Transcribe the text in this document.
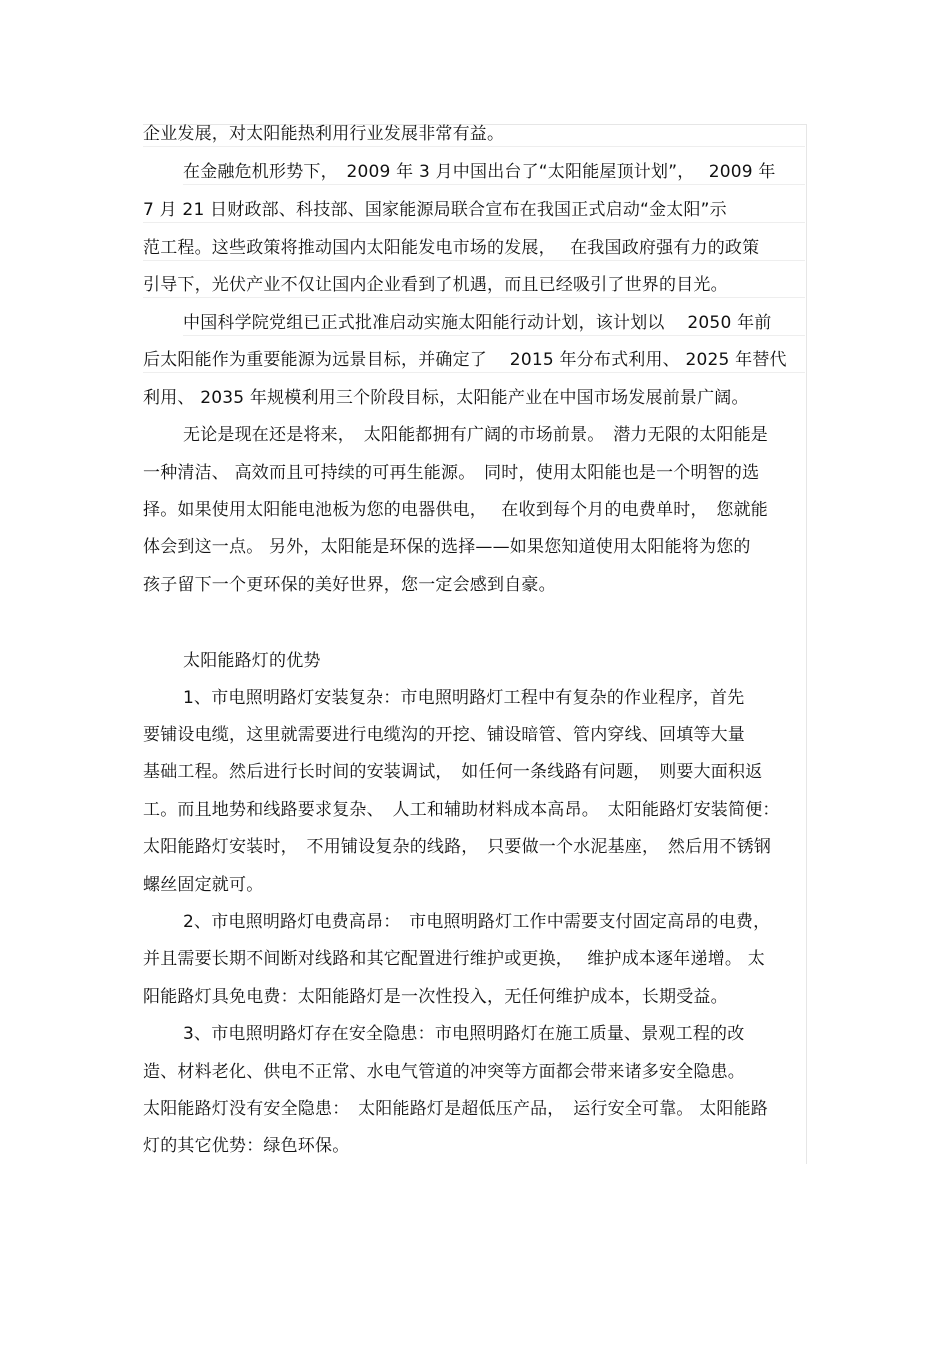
企业发展，对太阳能热利用行业发展非常有益。
在金融危机形势下，　2009 年 3 月中国出台了“太阳能屋顶计划”，　 2009 年
7 月 21 日财政部、科技部、国家能源局联合宣布在我国正式启动“金太阳”示
范工程。这些政策将推动国内太阳能发电市场的发展，　 在我国政府强有力的政策
引导下，光伏产业不仅让国内企业看到了机遇，而且已经吸引了世界的目光。
中国科学院党组已正式批准启动实施太阳能行动计划，该计划以　 2050 年前
后太阳能作为重要能源为远景目标，并确定了　 2015 年分布式利用、 2025 年替代
利用、 2035 年规模利用三个阶段目标，太阳能产业在中国市场发展前景广阔。
无论是现在还是将来，　太阳能都拥有广阔的市场前景。　潜力无限的太阳能是
一种清洁、 高效而且可持续的可再生能源。　同时，使用太阳能也是一个明智的选
择。如果使用太阳能电池板为您的电器供电，　 在收到每个月的电费单时，　您就能
体会到这一点。 另外，太阳能是环保的选择——如果您知道使用太阳能将为您的
孩子留下一个更环保的美好世界，您一定会感到自豪。
太阳能路灯的优势
1、市电照明路灯安装复杂：市电照明路灯工程中有复杂的作业程序，首先
要铺设电缆，这里就需要进行电缆沟的开挖、铺设暗管、管内穿线、回填等大量
基础工程。然后进行长时间的安装调试，　如任何一条线路有问题，　则要大面积返
工。而且地势和线路要求复杂、　人工和辅助材料成本高昂。　太阳能路灯安装简便：
太阳能路灯安装时，　不用铺设复杂的线路，　只要做一个水泥基座，　然后用不锈钢
螺丝固定就可。
2、市电照明路灯电费高昂：　市电照明路灯工作中需要支付固定高昂的电费，
并且需要长期不间断对线路和其它配置进行维护或更换，　 维护成本逐年递增。 太
阳能路灯具免电费：太阳能路灯是一次性投入，无任何维护成本，长期受益。
3、市电照明路灯存在安全隐患：市电照明路灯在施工质量、景观工程的改
造、材料老化、供电不正常、水电气管道的冲突等方面都会带来诸多安全隐患。
太阳能路灯没有安全隐患：　太阳能路灯是超低压产品，　运行安全可靠。 太阳能路
灯的其它优势：绿色环保。
